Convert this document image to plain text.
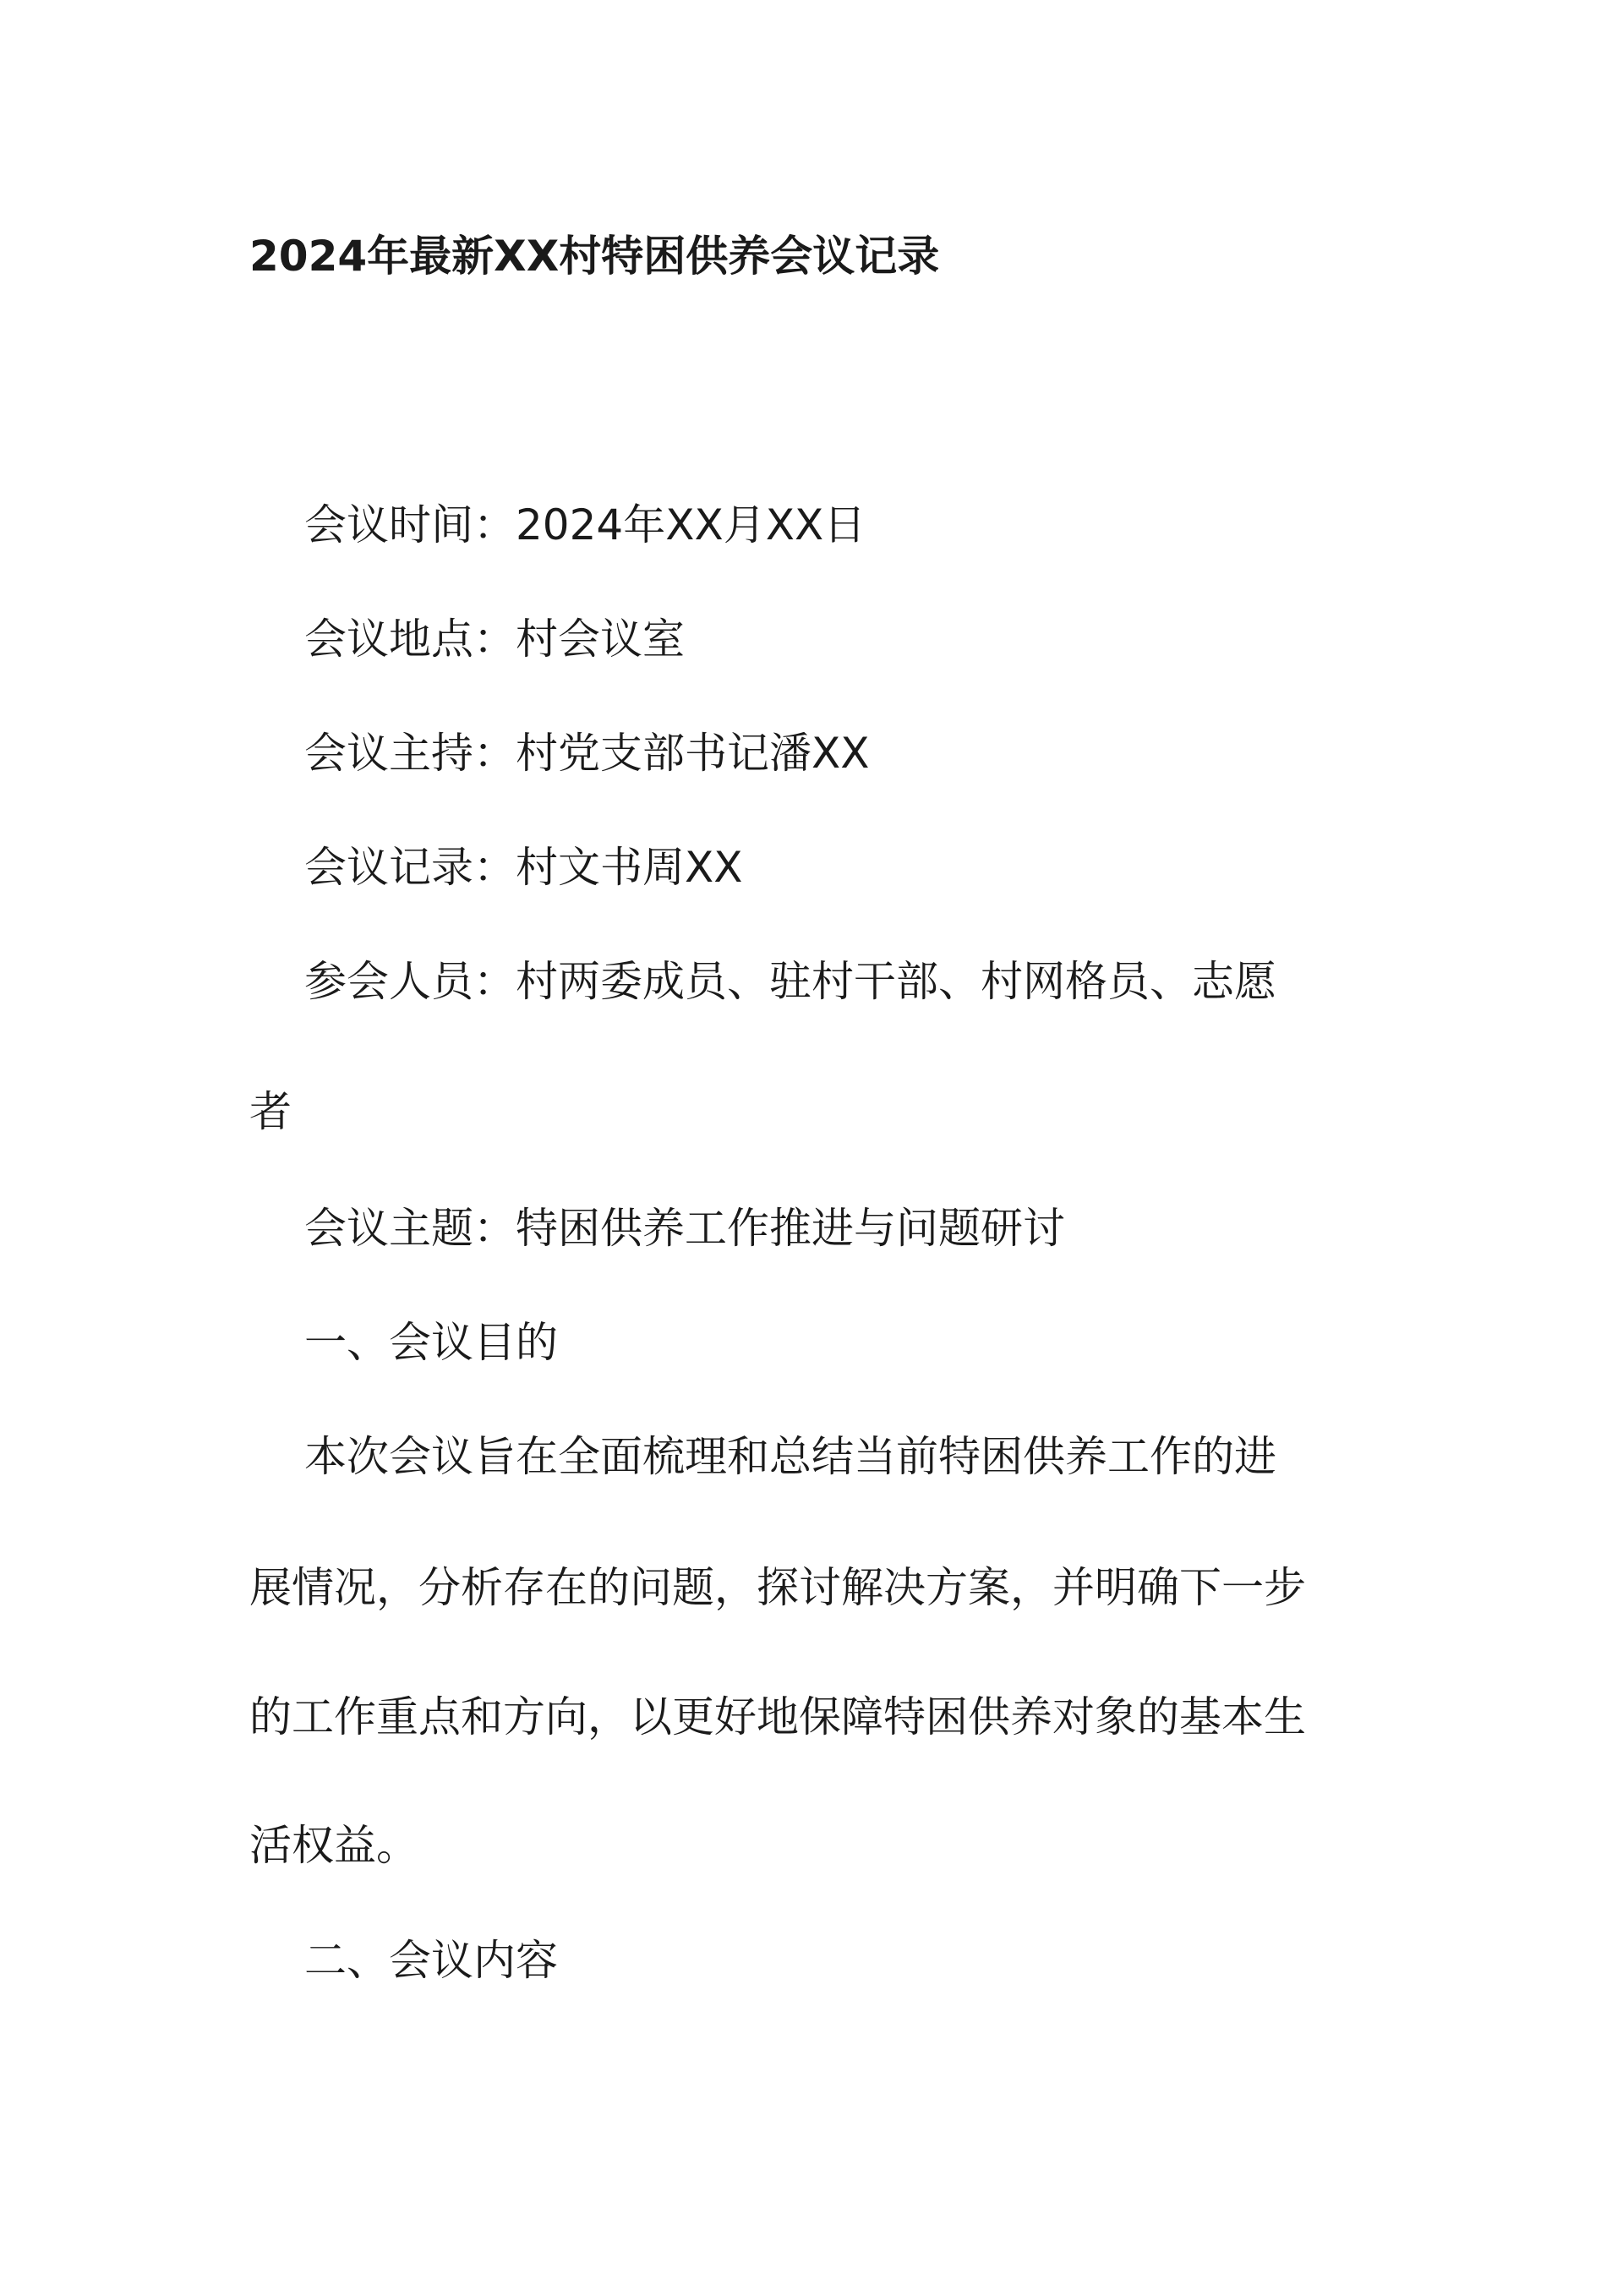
2024年最新XX村特困供养会议记录

会议时间：2024年XX月XX日

会议地点：村会议室

会议主持：村党支部书记潘XX

会议记录：村文书周XX

参会人员：村两委成员、驻村干部、村网格员、志愿

者

会议主题：特困供养工作推进与问题研讨

一、会议目的

本次会议旨在全面梳理和总结当前特困供养工作的进

展情况，分析存在的问题，探讨解决方案，并明确下一步

的工作重点和方向，以更好地保障特困供养对象的基本生

活权益。

二、会议内容
